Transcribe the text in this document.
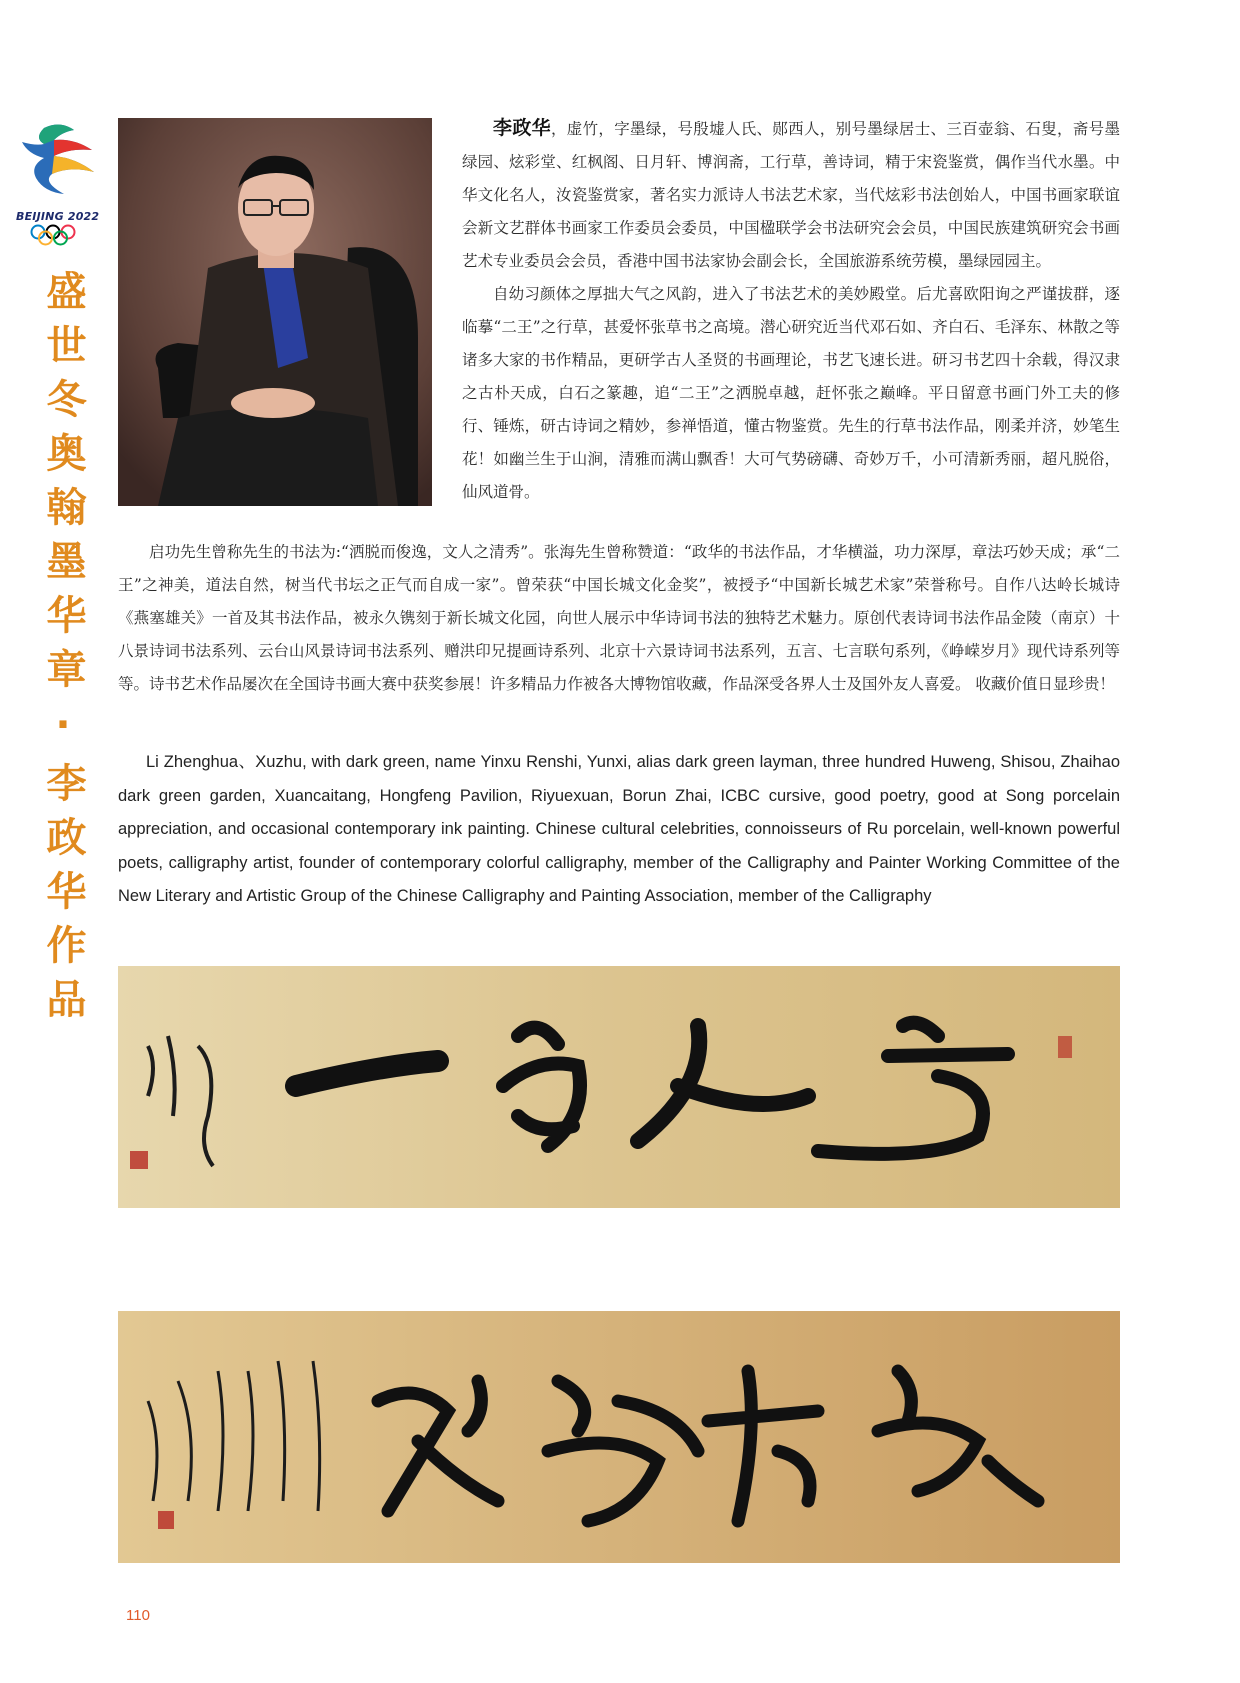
BEIJING 2022
盛世冬奥翰墨华章·李政华作品

李政华，虚竹，字墨绿，号殷墟人氏、郧西人，别号墨绿居士、三百壶翁、石叟，斋号墨绿园、炫彩堂、红枫阁、日月轩、博润斋，工行草，善诗词，精于宋瓷鉴赏，偶作当代水墨。中华文化名人，汝瓷鉴赏家，著名实力派诗人书法艺术家，当代炫彩书法创始人，中国书画家联谊会新文艺群体书画家工作委员会委员，中国楹联学会书法研究会会员，中国民族建筑研究会书画艺术专业委员会会员，香港中国书法家协会副会长，全国旅游系统劳模，墨绿园园主。

自幼习颜体之厚拙大气之风韵，进入了书法艺术的美妙殿堂。后尤喜欧阳询之严谨拔群，逐临摹“二王”之行草，甚爱怀张草书之高境。潜心研究近当代邓石如、齐白石、毛泽东、林散之等诸多大家的书作精品，更研学古人圣贤的书画理论，书艺飞速长进。研习书艺四十余载，得汉隶之古朴天成，白石之篆趣，追“二王”之洒脱卓越，赶怀张之巅峰。平日留意书画门外工夫的修行、锤炼，研古诗词之精妙，参禅悟道，懂古物鉴赏。先生的行草书法作品，刚柔并济，妙笔生花！如幽兰生于山涧，清雅而满山飘香！大可气势磅礴、奇妙万千，小可清新秀丽，超凡脱俗，仙风道骨。

启功先生曾称先生的书法为:“洒脱而俊逸，文人之清秀”。张海先生曾称赞道：“政华的书法作品，才华横溢，功力深厚，章法巧妙天成；承“二王”之神美，道法自然，树当代书坛之正气而自成一家”。曾荣获“中国长城文化金奖”，被授予“中国新长城艺术家”荣誉称号。自作八达岭长城诗《燕塞雄关》一首及其书法作品，被永久镌刻于新长城文化园，向世人展示中华诗词书法的独特艺术魅力。原创代表诗词书法作品金陵（南京）十八景诗词书法系列、云台山风景诗词书法系列、赠洪印兄提画诗系列、北京十六景诗词书法系列，五言、七言联句系列，《峥嵘岁月》现代诗系列等等。诗书艺术作品屡次在全国诗书画大赛中获奖参展！许多精品力作被各大博物馆收藏，作品深受各界人士及国外友人喜爱。 收藏价值日显珍贵！

Li Zhenghua、Xuzhu, with dark green, name Yinxu Renshi, Yunxi, alias dark green layman, three hundred Huweng, Shisou, Zhaihao dark green garden, Xuancaitang, Hongfeng Pavilion, Riyuexuan, Borun Zhai, ICBC cursive, good poetry, good at Song porcelain appreciation, and occasional contemporary ink painting. Chinese cultural celebrities, connoisseurs of Ru porcelain, well-known powerful poets, calligraphy artist, founder of contemporary colorful calligraphy, member of the Calligraphy and Painter Working Committee of the New Literary and Artistic Group of the Chinese Calligraphy and Painting Association, member of the Calligraphy

110
